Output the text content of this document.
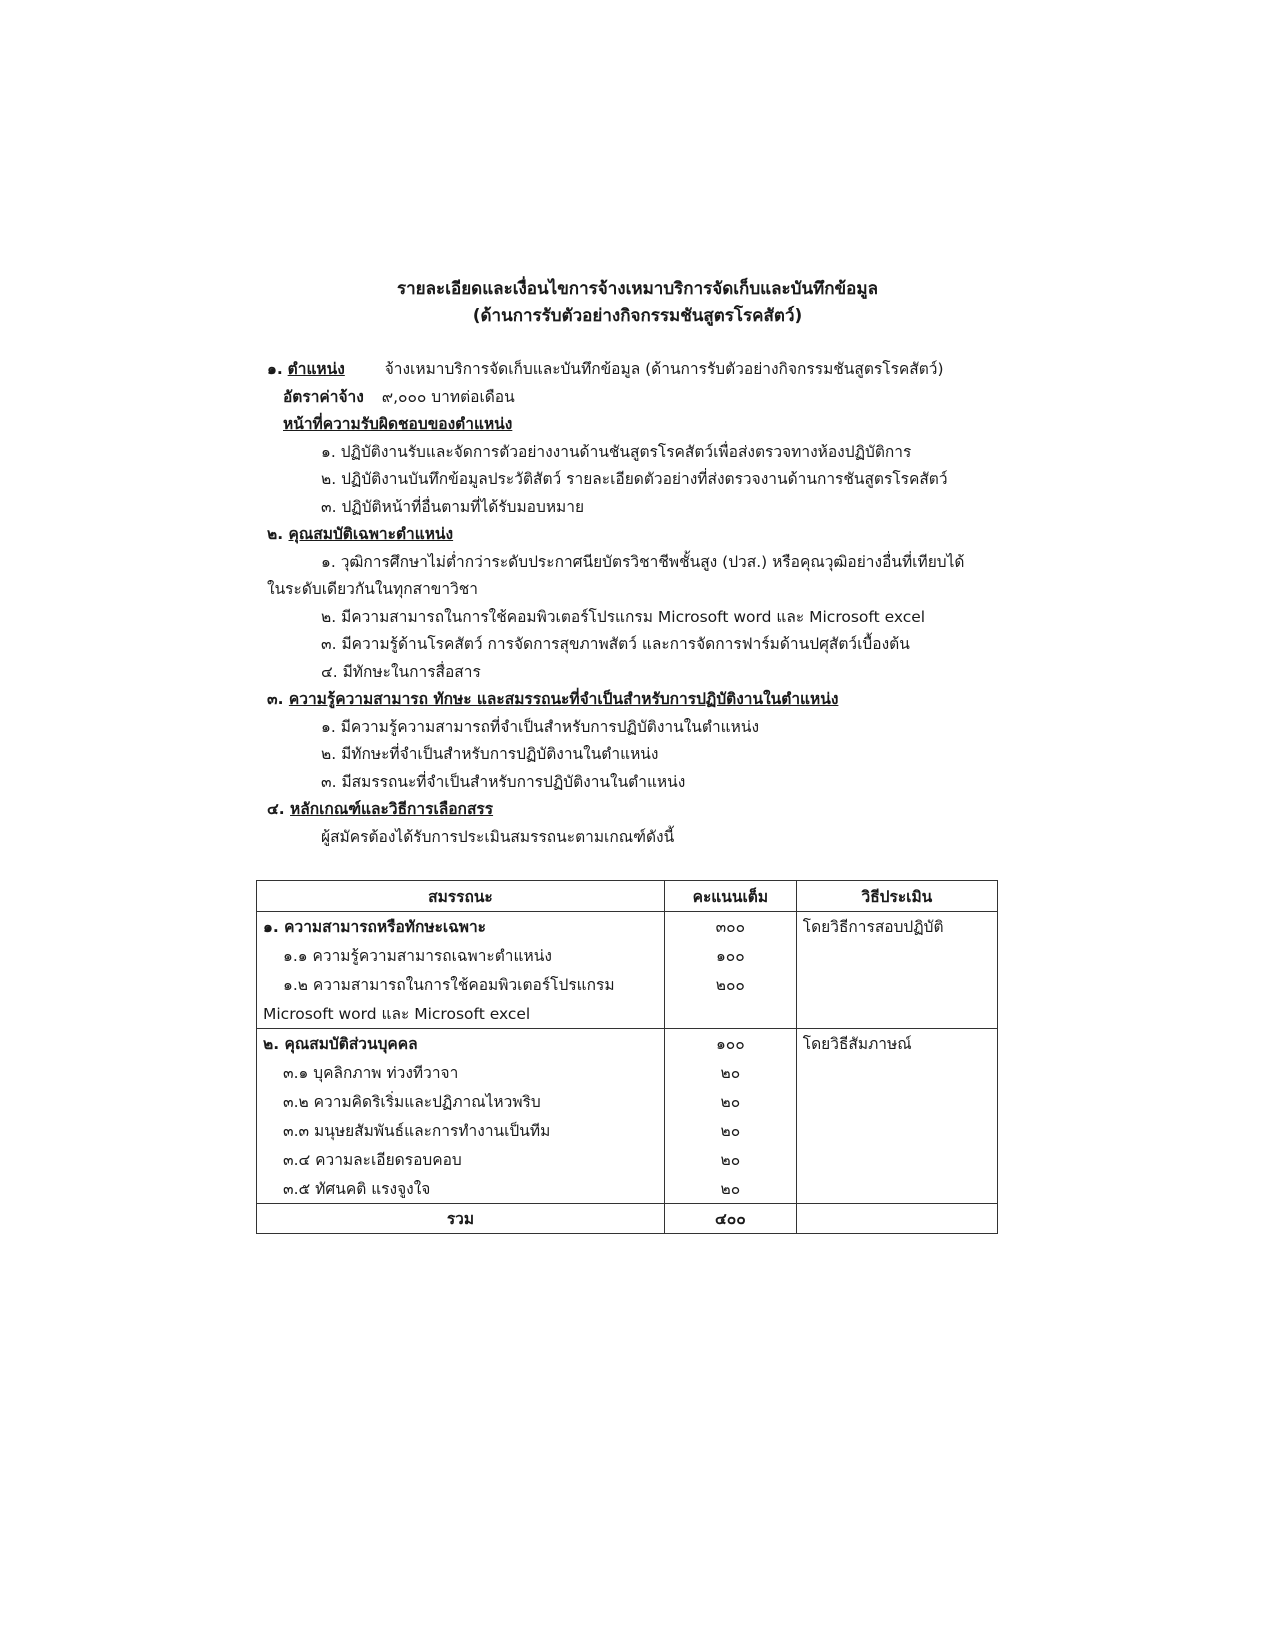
รายละเอียดและเงื่อนไขการจ้างเหมาบริการจัดเก็บและบันทึกข้อมูล
(ด้านการรับตัวอย่างกิจกรรมชันสูตรโรคสัตว์)
๑. ตำแหน่ง	จ้างเหมาบริการจัดเก็บและบันทึกข้อมูล (ด้านการรับตัวอย่างกิจกรรมชันสูตรโรคสัตว์)
อัตราค่าจ้าง ๙,๐๐๐ บาทต่อเดือน
หน้าที่ความรับผิดชอบของตำแหน่ง
๑. ปฏิบัติงานรับและจัดการตัวอย่างงานด้านชันสูตรโรคสัตว์เพื่อส่งตรวจทางห้องปฏิบัติการ
๒. ปฏิบัติงานบันทึกข้อมูลประวัติสัตว์ รายละเอียดตัวอย่างที่ส่งตรวจงานด้านการชันสูตรโรคสัตว์
๓. ปฏิบัติหน้าที่อื่นตามที่ได้รับมอบหมาย
๒. คุณสมบัติเฉพาะตำแหน่ง
๑. วุฒิการศึกษาไม่ต่ำกว่าระดับประกาศนียบัตรวิชาชีพชั้นสูง (ปวส.) หรือคุณวุฒิอย่างอื่นที่เทียบได้
ในระดับเดียวกันในทุกสาขาวิชา
๒. มีความสามารถในการใช้คอมพิวเตอร์โปรแกรม Microsoft word และ Microsoft excel
๓. มีความรู้ด้านโรคสัตว์ การจัดการสุขภาพสัตว์ และการจัดการฟาร์มด้านปศุสัตว์เบื้องต้น
๔. มีทักษะในการสื่อสาร
๓. ความรู้ความสามารถ ทักษะ และสมรรถนะที่จำเป็นสำหรับการปฏิบัติงานในตำแหน่ง
๑. มีความรู้ความสามารถที่จำเป็นสำหรับการปฏิบัติงานในตำแหน่ง
๒. มีทักษะที่จำเป็นสำหรับการปฏิบัติงานในตำแหน่ง
๓. มีสมรรถนะที่จำเป็นสำหรับการปฏิบัติงานในตำแหน่ง
๔. หลักเกณฑ์และวิธีการเลือกสรร
ผู้สมัครต้องได้รับการประเมินสมรรถนะตามเกณฑ์ดังนี้
สมรรถนะ	คะแนนเต็ม	วิธีประเมิน
๑. ความสามารถหรือทักษะเฉพาะ	๓๐๐	โดยวิธีการสอบปฏิบัติ
๑.๑ ความรู้ความสามารถเฉพาะตำแหน่ง	๑๐๐	
๑.๒ ความสามารถในการใช้คอมพิวเตอร์โปรแกรม	๒๐๐	
Microsoft word และ Microsoft excel		
๒. คุณสมบัติส่วนบุคคล	๑๐๐	โดยวิธีสัมภาษณ์
๓.๑ บุคลิกภาพ ท่วงทีวาจา	๒๐	
๓.๒ ความคิดริเริ่มและปฏิภาณไหวพริบ	๒๐	
๓.๓ มนุษยสัมพันธ์และการทำงานเป็นทีม	๒๐	
๓.๔ ความละเอียดรอบคอบ	๒๐	
๓.๕ ทัศนคติ แรงจูงใจ	๒๐	
รวม	๔๐๐	
